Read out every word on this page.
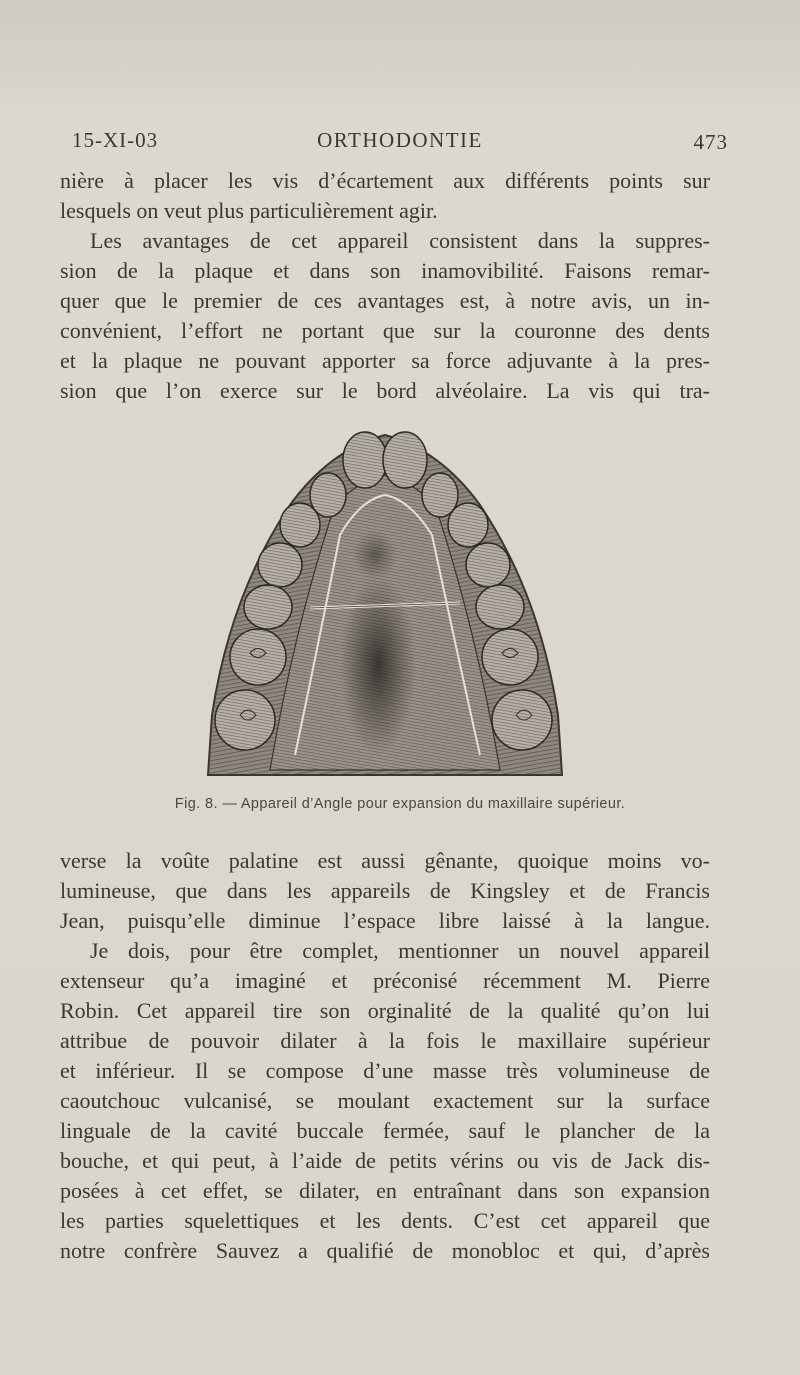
15-XI-03	ORTHODONTIE	473

nière à placer les vis d’écartement aux différents points sur
lesquels on veut plus particulièrement agir.

Les avantages de cet appareil consistent dans la suppres-
sion de la plaque et dans son inamovibilité. Faisons remar-
quer que le premier de ces avantages est, à notre avis, un in-
convénient, l’effort ne portant que sur la couronne des dents
et la plaque ne pouvant apporter sa force adjuvante à la pres-
sion que l’on exerce sur le bord alvéolaire. La vis qui tra-

Fig. 8. — Appareil d’Angle pour expansion du maxillaire supérieur.

verse la voûte palatine est aussi gênante, quoique moins vo-
lumineuse, que dans les appareils de Kingsley et de Francis
Jean, puisqu’elle diminue l’espace libre laissé à la langue.

Je dois, pour être complet, mentionner un nouvel appareil
extenseur qu’a imaginé et préconisé récemment M. Pierre
Robin. Cet appareil tire son orginalité de la qualité qu’on lui
attribue de pouvoir dilater à la fois le maxillaire supérieur
et inférieur. Il se compose d’une masse très volumineuse de
caoutchouc vulcanisé, se moulant exactement sur la surface
linguale de la cavité buccale fermée, sauf le plancher de la
bouche, et qui peut, à l’aide de petits vérins ou vis de Jack dis-
posées à cet effet, se dilater, en entraînant dans son expansion
les parties squelettiques et les dents. C’est cet appareil que
notre confrère Sauvez a qualifié de monobloc et qui, d’après
